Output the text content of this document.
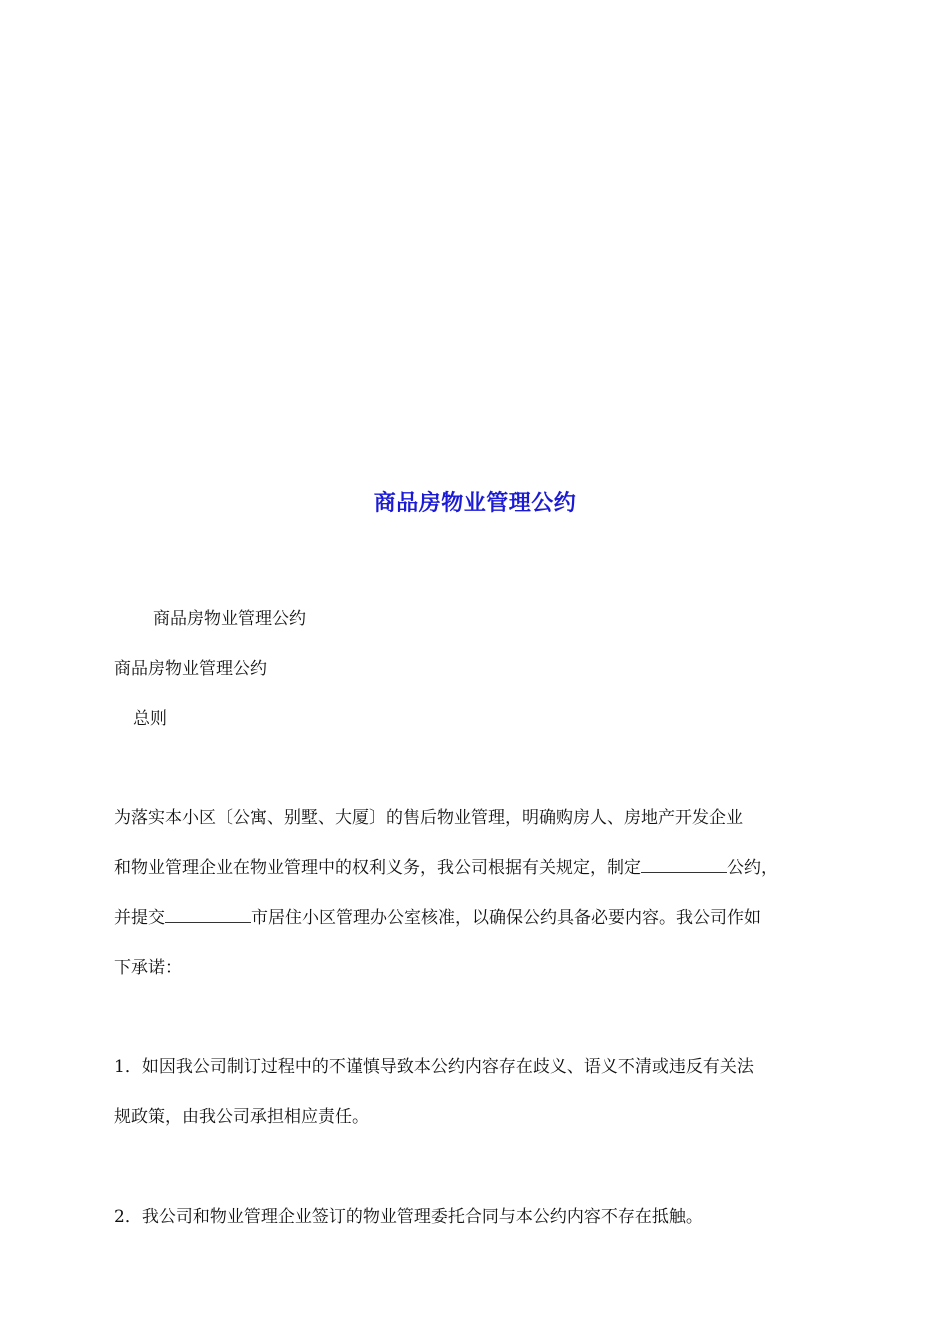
商品房物业管理公约
商品房物业管理公约
商品房物业管理公约
总则
为落实本小区〔公寓、别墅、大厦〕的售后物业管理，明确购房人、房地产开发企业
和物业管理企业在物业管理中的权利义务，我公司根据有关规定，制定	公约，
并提交	市居住小区管理办公室核准，以确保公约具备必要内容。我公司作如
下承诺：
1．如因我公司制订过程中的不谨慎导致本公约内容存在歧义、语义不清或违反有关法
规政策，由我公司承担相应责任。
2．我公司和物业管理企业签订的物业管理委托合同与本公约内容不存在抵触。
